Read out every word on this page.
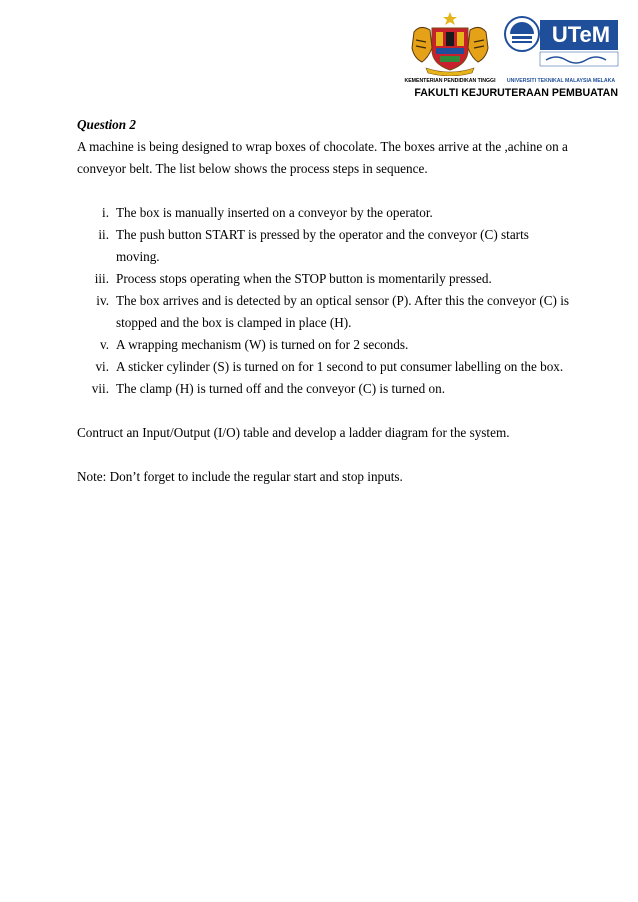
KEMENTERIAN PENDIDIKAN TINGGI
UTeM
UNIVERSITI TEKNIKAL MALAYSIA MELAKA
FAKULTI KEJURUTERAAN PEMBUATAN
Question 2

A machine is being designed to wrap boxes of chocolate. The boxes arrive at the ,achine on a

conveyor belt. The list below shows the process steps in sequence.

i. The box is manually inserted on a conveyor by the operator.
ii. The push button START is pressed by the operator and the conveyor (C) starts
moving.
iii. Process stops operating when the STOP button is momentarily pressed.
iv. The box arrives and is detected by an optical sensor (P). After this the conveyor (C) is
stopped and the box is clamped in place (H).
v. A wrapping mechanism (W) is turned on for 2 seconds.
vi. A sticker cylinder (S) is turned on for 1 second to put consumer labelling on the box.
vii. The clamp (H) is turned off and the conveyor (C) is turned on.

Contruct an Input/Output (I/O) table and develop a ladder diagram for the system.

Note: Don’t forget to include the regular start and stop inputs.
